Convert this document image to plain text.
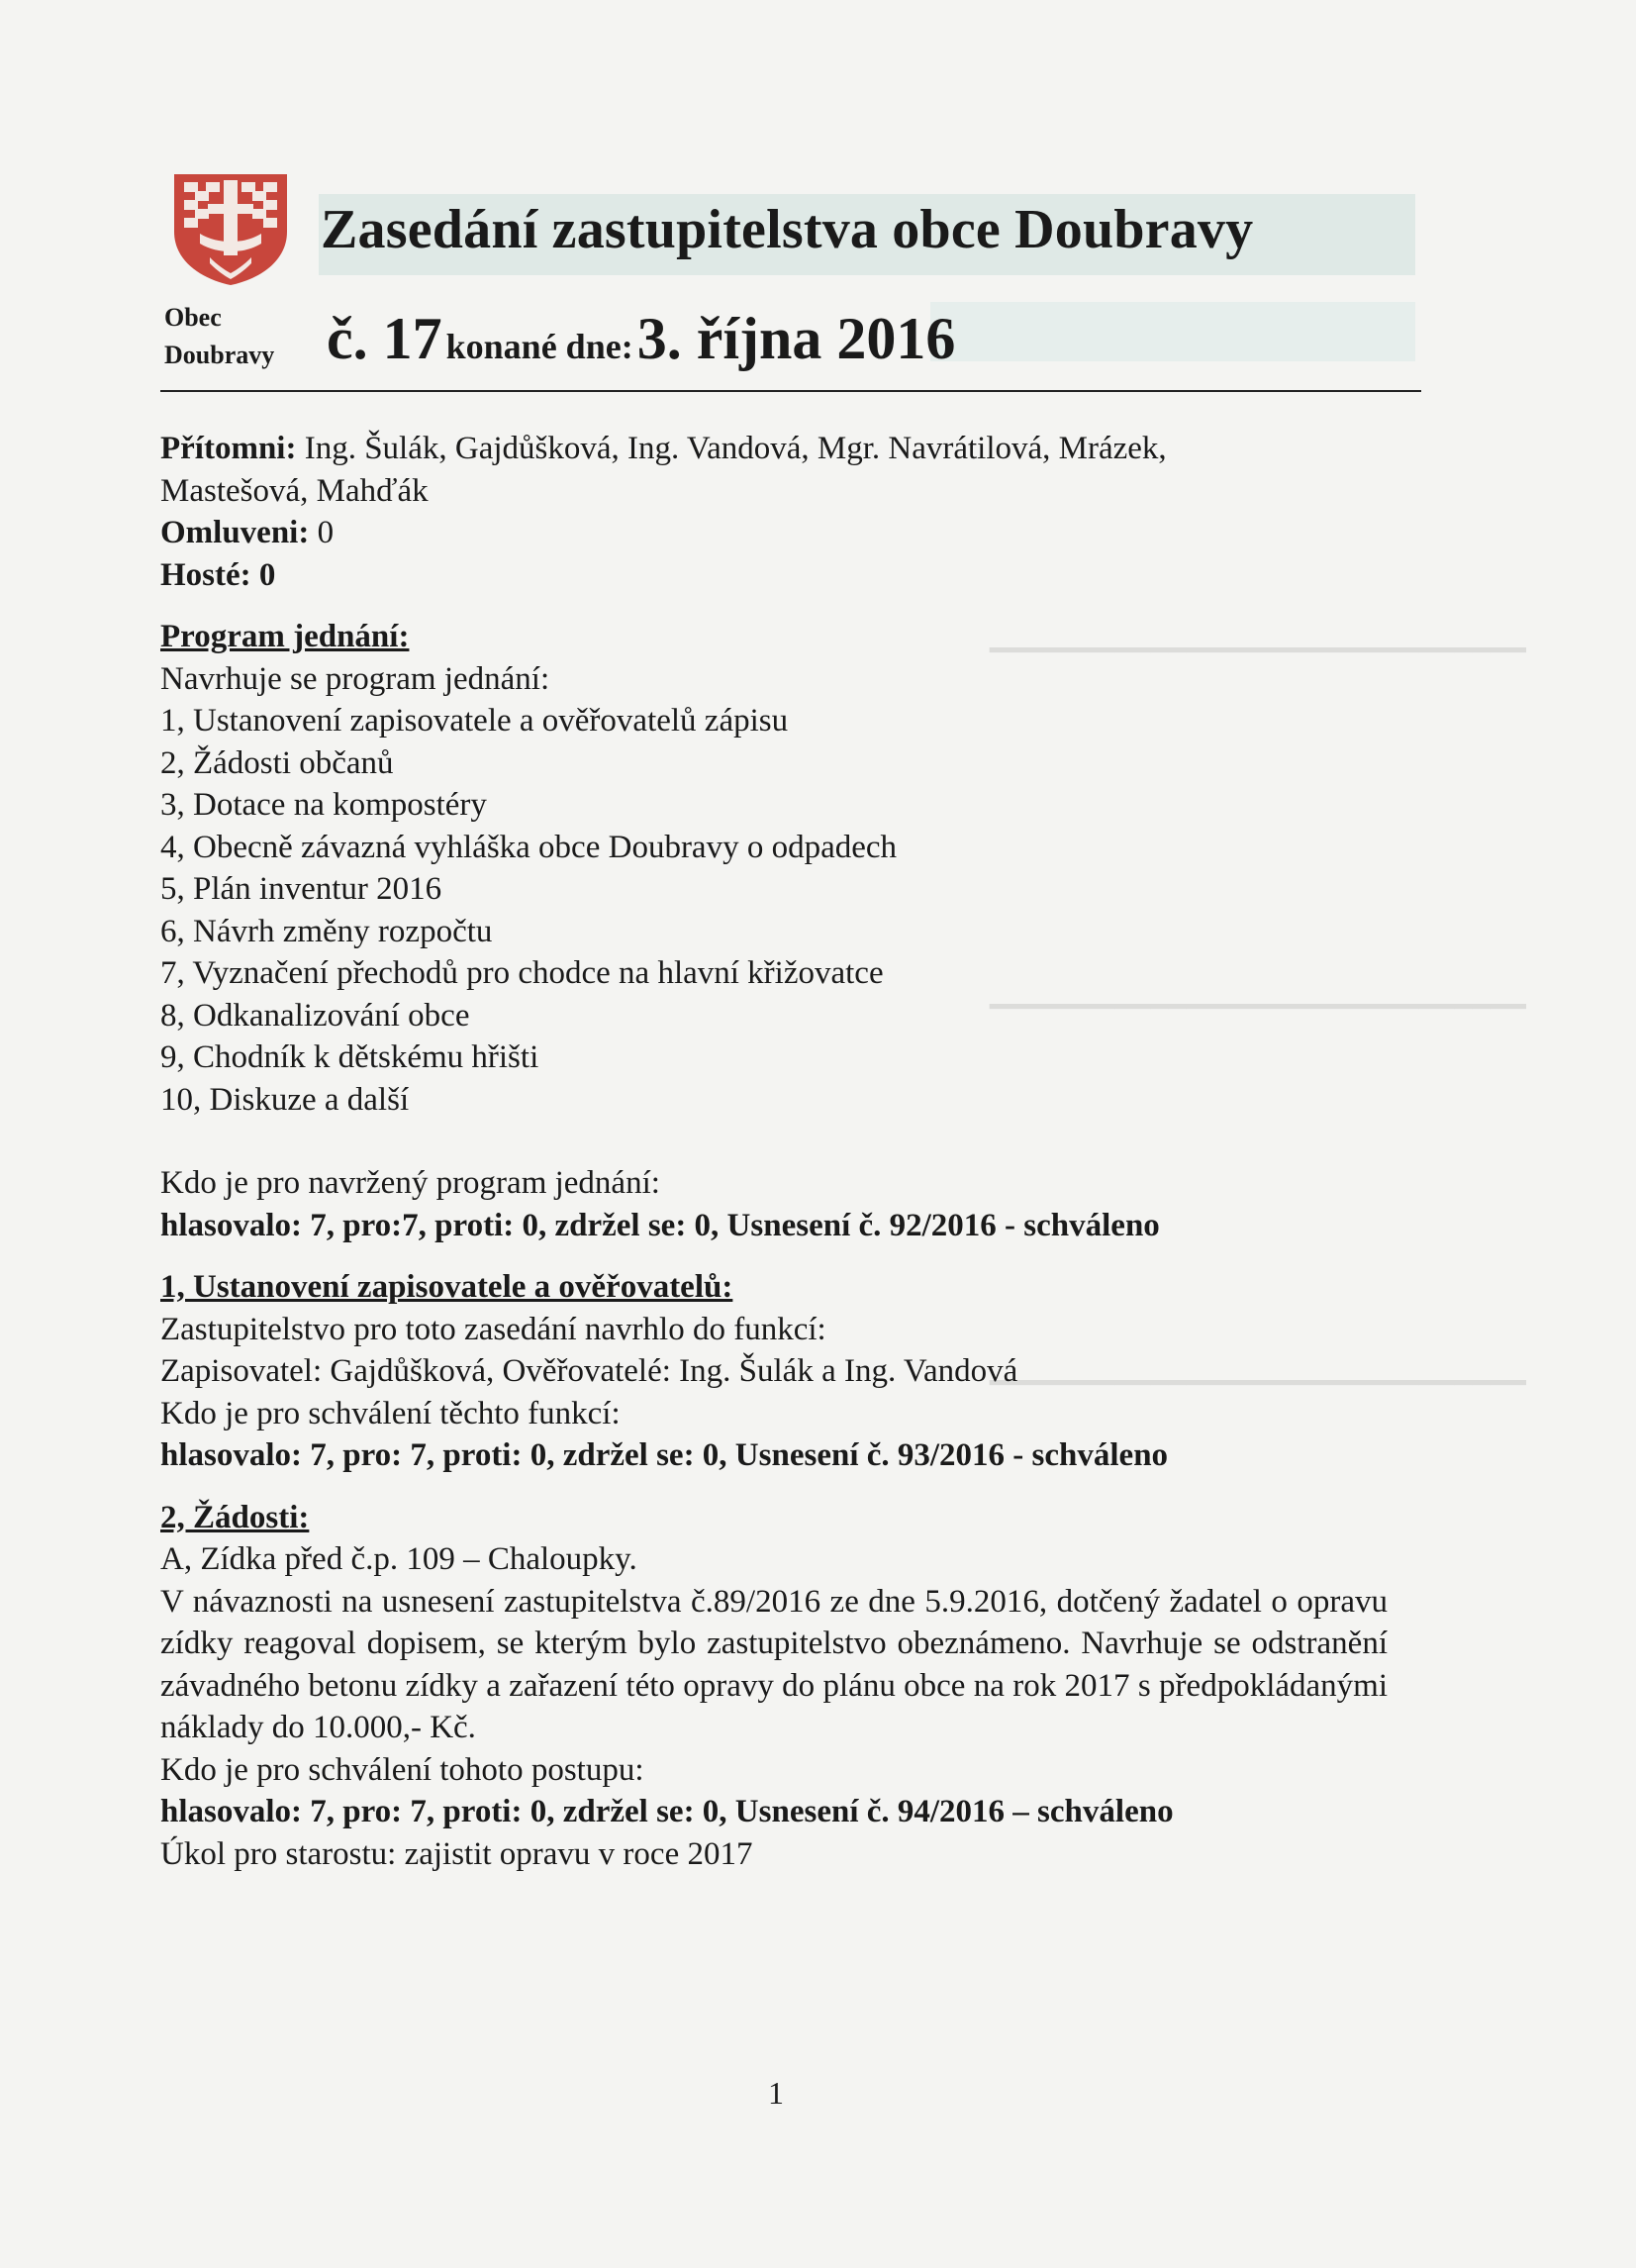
━━━━━━━━━━━━━━━━━━━━━━━━━━━━━━
━━━━━━━━━━━━━━━━━━━━━━━━━━━━━━
━━━━━━━━━━━━━━━━━━━━━━━━━━━━━━
Obec
Doubravy
Zasedání zastupitelstva obce Doubravy
č. 17 konané dne: 3. října 2016

Přítomni: Ing. Šulák, Gajdůšková, Ing. Vandová, Mgr. Navrátilová, Mrázek,

Mastešová, Mahďák

Omluveni: 0

Hosté: 0

Program jednání:

Navrhuje se program jednání:

1, Ustanovení zapisovatele a ověřovatelů zápisu

2, Žádosti občanů

3, Dotace na kompostéry

4, Obecně závazná vyhláška obce Doubravy o odpadech

5, Plán inventur 2016

6, Návrh změny rozpočtu

7, Vyznačení přechodů pro chodce na hlavní křižovatce

8, Odkanalizování obce

9, Chodník k dětskému hřišti

10, Diskuze a další

Kdo je pro navržený program jednání:

hlasovalo: 7, pro:7, proti: 0, zdržel se: 0, Usnesení č. 92/2016 - schváleno

1, Ustanovení zapisovatele a ověřovatelů:

Zastupitelstvo pro toto zasedání navrhlo do funkcí:

Zapisovatel: Gajdůšková, Ověřovatelé: Ing. Šulák a Ing. Vandová

Kdo je pro schválení těchto funkcí:

hlasovalo: 7, pro: 7, proti: 0, zdržel se: 0, Usnesení č. 93/2016 - schváleno

2, Žádosti:

A, Zídka před č.p. 109 – Chaloupky.

V návaznosti na usnesení zastupitelstva č.89/2016 ze dne 5.9.2016, dotčený žadatel o opravu zídky reagoval dopisem, se kterým bylo zastupitelstvo obeznámeno. Navrhuje se odstranění závadného betonu zídky a zařazení této opravy do plánu obce na rok 2017 s předpokládanými náklady do 10.000,- Kč.

Kdo je pro schválení tohoto postupu:

hlasovalo: 7, pro: 7, proti: 0, zdržel se: 0, Usnesení č. 94/2016 – schváleno

Úkol pro starostu: zajistit opravu v roce 2017

1
